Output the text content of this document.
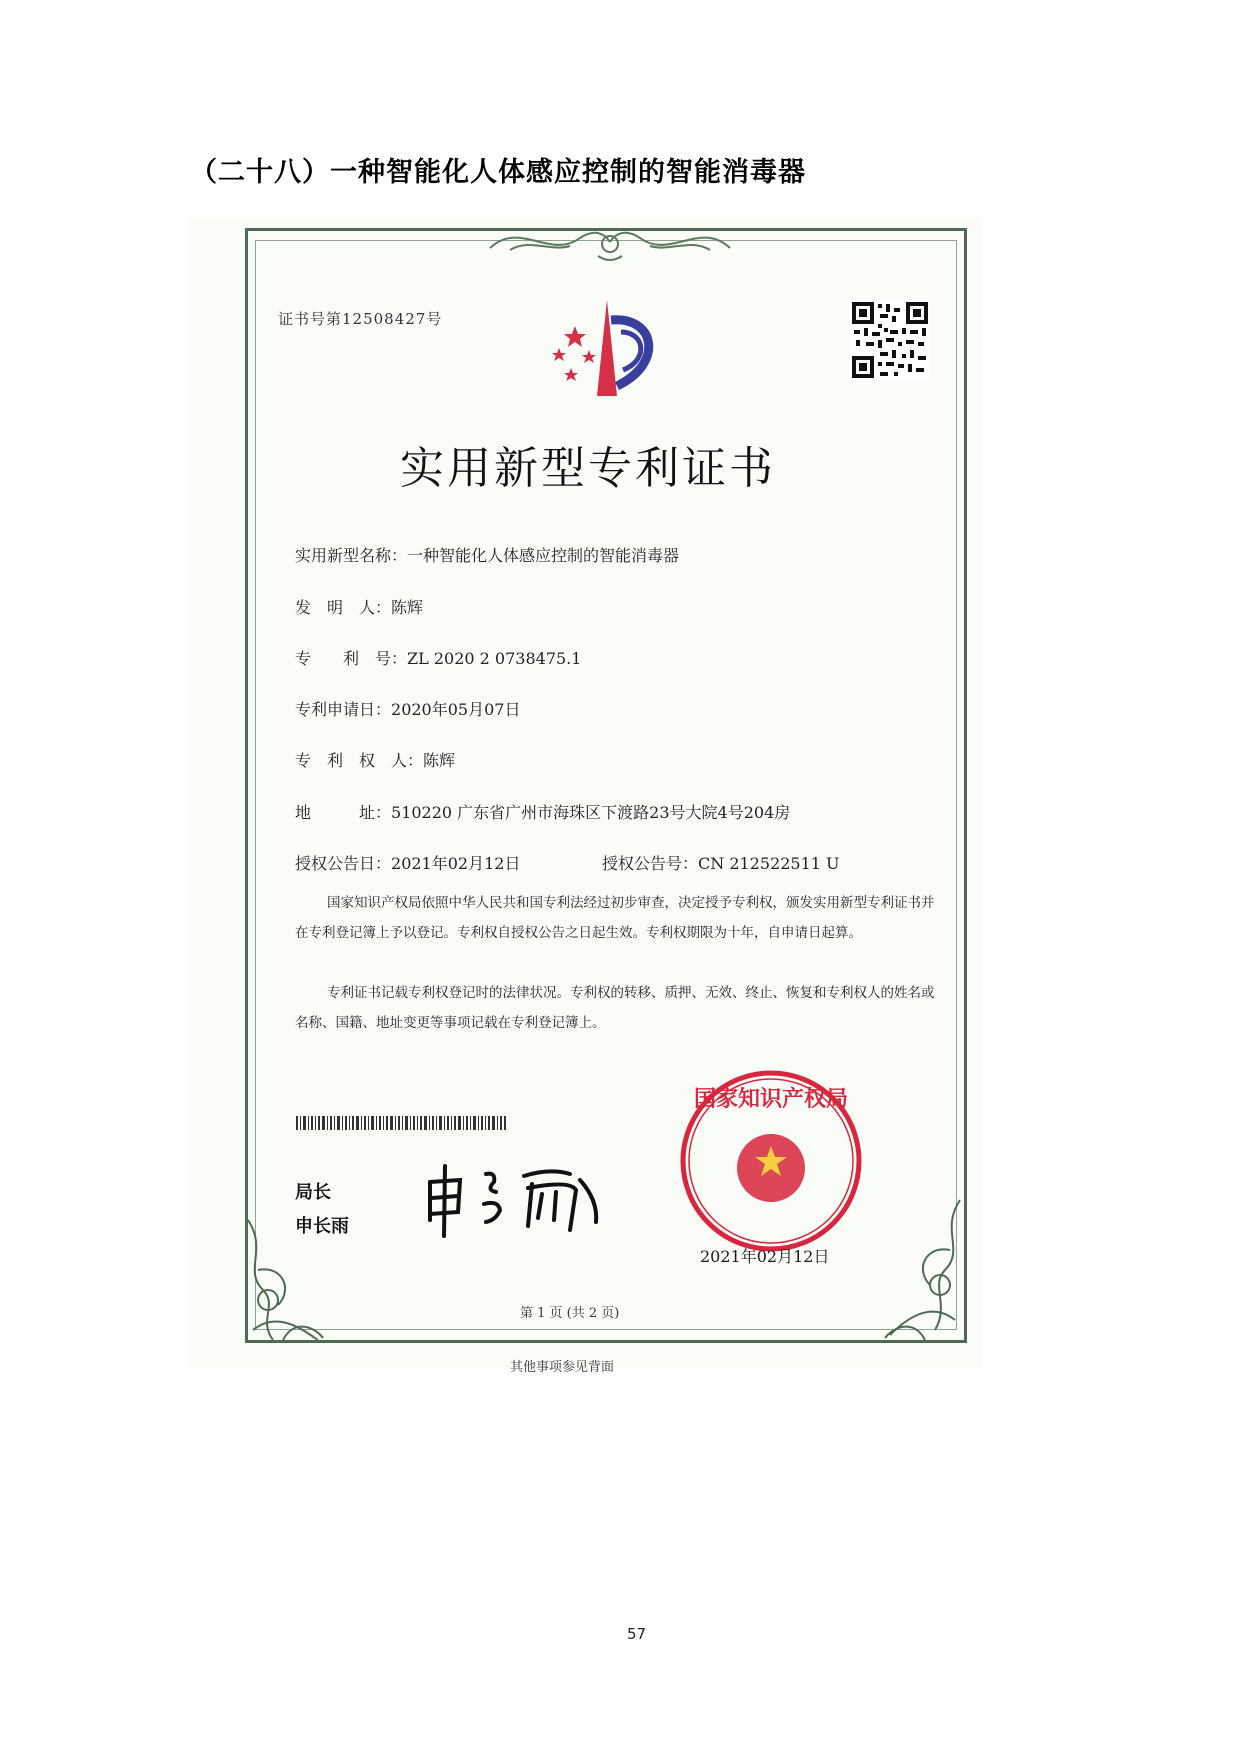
（二十八）一种智能化人体感应控制的智能消毒器
证书号第12508427号
实用新型专利证书
实用新型名称：一种智能化人体感应控制的智能消毒器
发　明　人：陈辉
专　　利　号：ZL 2020 2 0738475.1
专利申请日：2020年05月07日
专　利　权　人：陈辉
地　　　址：510220 广东省广州市海珠区下渡路23号大院4号204房
授权公告日：2021年02月12日	授权公告号：CN 212522511 U
国家知识产权局依照中华人民共和国专利法经过初步审查，决定授予专利权，颁发实用新型专利证书并在专利登记簿上予以登记。专利权自授权公告之日起生效。专利权期限为十年，自申请日起算。
专利证书记载专利权登记时的法律状况。专利权的转移、质押、无效、终止、恢复和专利权人的姓名或名称、国籍、地址变更等事项记载在专利登记簿上。
局长
申长雨
国家知识产权局
2021年02月12日
第 1 页 (共 2 页)
其他事项参见背面
57
